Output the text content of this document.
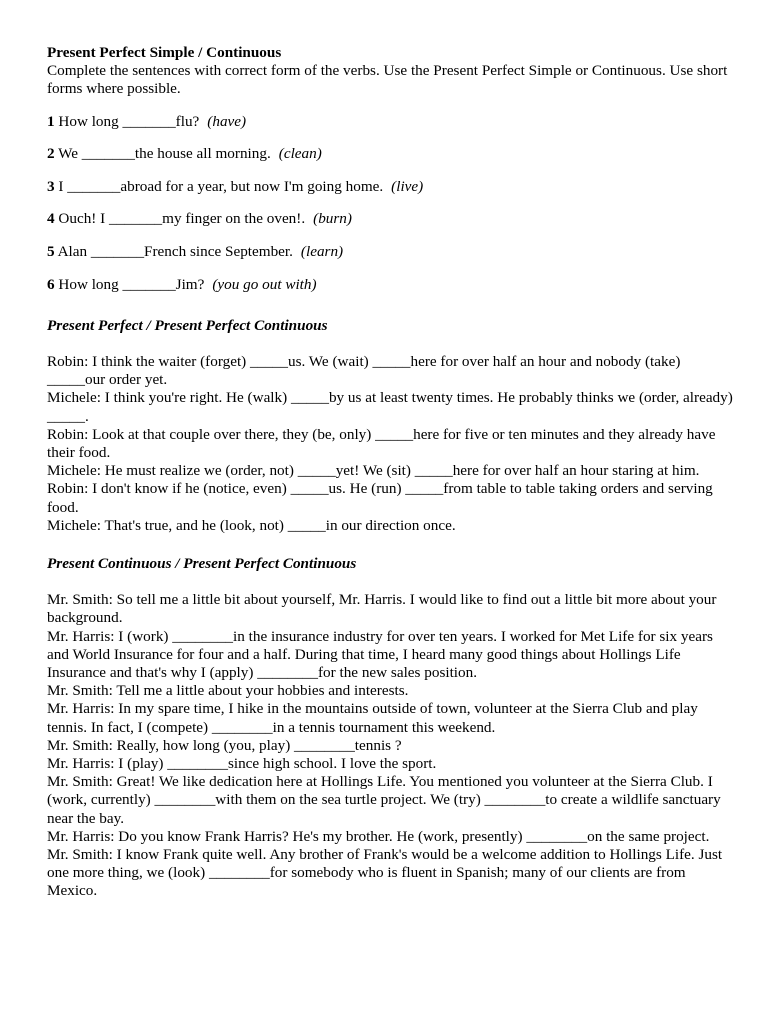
Present Perfect Simple / Continuous

Complete the sentences with correct form of the verbs. Use the Present Perfect Simple or Continuous. Use short forms where possible.

1 How long _______flu? (have)

2 We _______the house all morning. (clean)

3 I _______abroad for a year, but now I'm going home. (live)

4 Ouch! I _______my finger on the oven!. (burn)

5 Alan _______French since September. (learn)

6 How long _______Jim? (you go out with)

Present Perfect / Present Perfect Continuous

Robin: I think the waiter (forget) _____us. We (wait) _____here for over half an hour and nobody (take) _____our order yet.

Michele: I think you're right. He (walk) _____by us at least twenty times. He probably thinks we (order, already) _____.

Robin: Look at that couple over there, they (be, only) _____here for five or ten minutes and they already have their food.

Michele: He must realize we (order, not) _____yet! We (sit) _____here for over half an hour staring at him.

Robin: I don't know if he (notice, even) _____us. He (run) _____from table to table taking orders and serving food.

Michele: That's true, and he (look, not) _____in our direction once.

Present Continuous / Present Perfect Continuous

Mr. Smith: So tell me a little bit about yourself, Mr. Harris. I would like to find out a little bit more about your background.

Mr. Harris: I (work) ________in the insurance industry for over ten years. I worked for Met Life for six years and World Insurance for four and a half. During that time, I heard many good things about Hollings Life Insurance and that's why I (apply) ________for the new sales position.

Mr. Smith: Tell me a little about your hobbies and interests.

Mr. Harris: In my spare time, I hike in the mountains outside of town, volunteer at the Sierra Club and play tennis. In fact, I (compete) ________in a tennis tournament this weekend.

Mr. Smith: Really, how long (you, play) ________tennis ?

Mr. Harris: I (play) ________since high school. I love the sport.

Mr. Smith: Great! We like dedication here at Hollings Life. You mentioned you volunteer at the Sierra Club. I (work, currently) ________with them on the sea turtle project. We (try) ________to create a wildlife sanctuary near the bay.

Mr. Harris: Do you know Frank Harris? He's my brother. He (work, presently) ________on the same project.

Mr. Smith: I know Frank quite well. Any brother of Frank's would be a welcome addition to Hollings Life. Just one more thing, we (look) ________for somebody who is fluent in Spanish; many of our clients are from Mexico.
